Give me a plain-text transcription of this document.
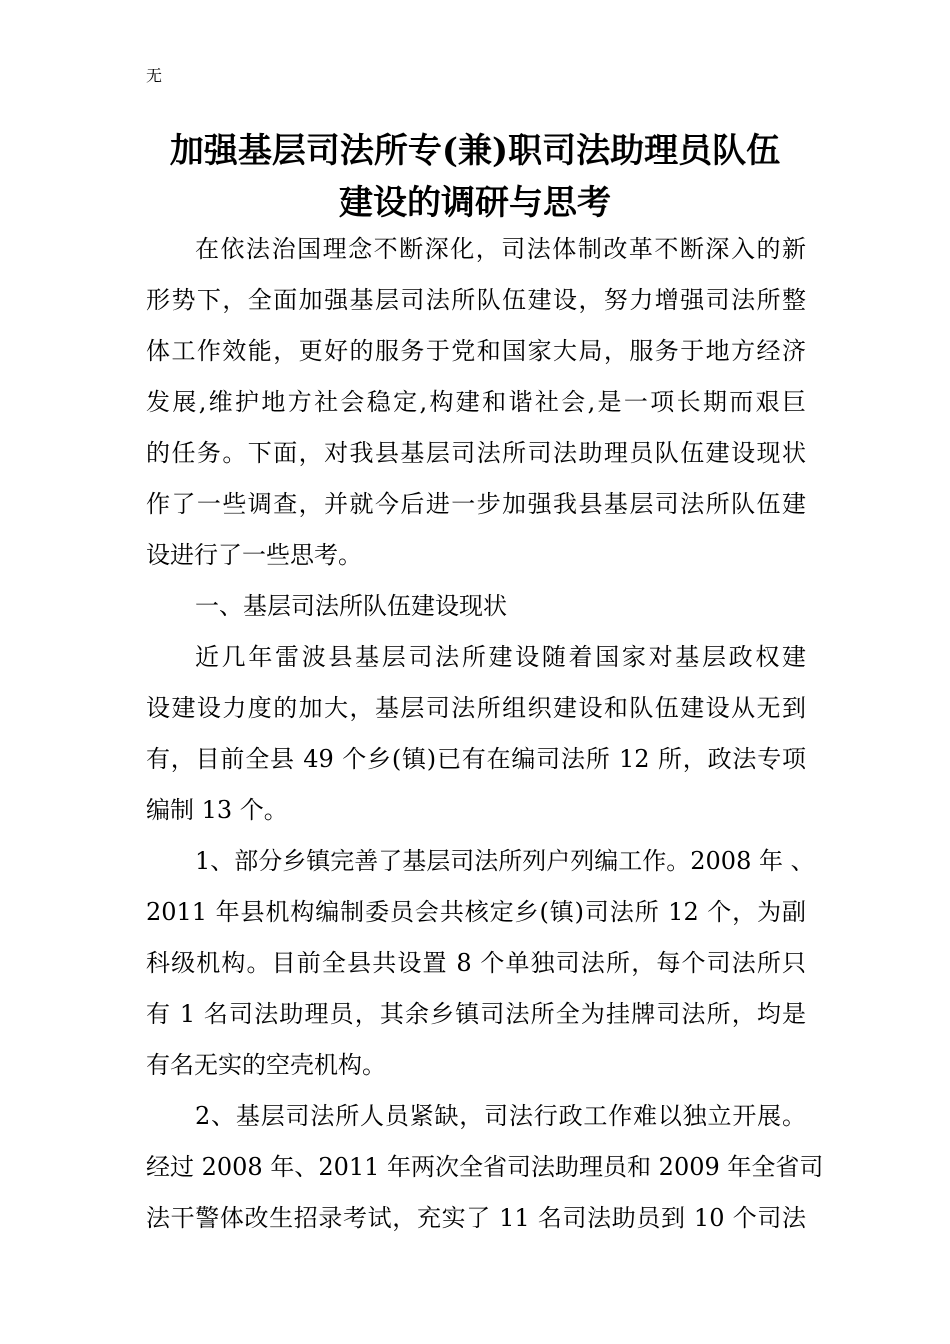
无
加强基层司法所专(兼)职司法助理员队伍
建设的调研与思考
在依法治国理念不断深化，司法体制改革不断深入的新
形势下，全面加强基层司法所队伍建设，努力增强司法所整
体工作效能，更好的服务于党和国家大局，服务于地方经济
发展,维护地方社会稳定,构建和谐社会,是一项长期而艰巨
的任务。下面，对我县基层司法所司法助理员队伍建设现状
作了一些调查，并就今后进一步加强我县基层司法所队伍建
设进行了一些思考。
一、基层司法所队伍建设现状
近几年雷波县基层司法所建设随着国家对基层政权建
设建设力度的加大，基层司法所组织建设和队伍建设从无到
有，目前全县 49 个乡(镇)已有在编司法所 12 所，政法专项
编制 13 个。
1、部分乡镇完善了基层司法所列户列编工作。2008 年 、
2011 年县机构编制委员会共核定乡(镇)司法所 12 个，为副
科级机构。目前全县共设置 8 个单独司法所，每个司法所只
有 1 名司法助理员，其余乡镇司法所全为挂牌司法所，均是
有名无实的空壳机构。
2、基层司法所人员紧缺，司法行政工作难以独立开展。
经过 2008 年、2011 年两次全省司法助理员和 2009 年全省司
法干警体改生招录考试，充实了 11 名司法助员到 10 个司法
